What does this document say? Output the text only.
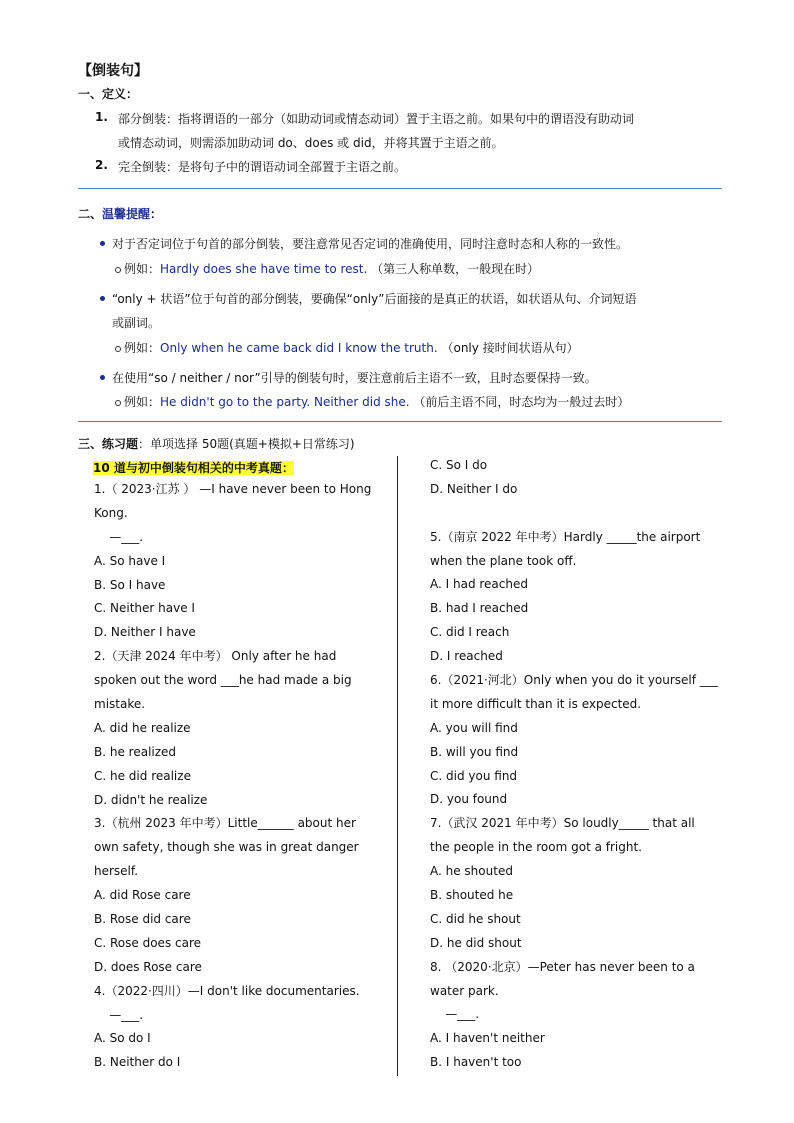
【倒装句】
一、定义：
1. 部分倒装：指将谓语的一部分（如助动词或情态动词）置于主语之前。如果句中的谓语没有助动词
或情态动词，则需添加助动词 do、does 或 did，并将其置于主语之前。
2. 完全倒装：是将句子中的谓语动词全部置于主语之前。
二、温馨提醒：
对于否定词位于句首的部分倒装，要注意常见否定词的准确使用，同时注意时态和人称的一致性。
例如：Hardly does she have time to rest. （第三人称单数，一般现在时）
“only + 状语”位于句首的部分倒装，要确保“only”后面接的是真正的状语，如状语从句、介词短语
或副词。
例如：Only when he came back did I know the truth. （only 接时间状语从句）
在使用“so / neither / nor”引导的倒装句时，要注意前后主语不一致，且时态要保持一致。
例如：He didn't go to the party. Neither did she. （前后主语不同，时态均为一般过去时）
三、练习题：单项选择 50题(真题+模拟+日常练习)
10 道与初中倒装句相关的中考真题：
1.（ 2023·江苏 ） —I have never been to Hong
Kong.
—___.
A. So have I
B. So I have
C. Neither have I
D. Neither I have
2.（天津 2024 年中考） Only after he had
spoken out the word ___he had made a big
mistake.
A. did he realize
B. he realized
C. he did realize
D. didn't he realize
3.（杭州 2023 年中考）Little______ about her
own safety, though she was in great danger
herself.
A. did Rose care
B. Rose did care
C. Rose does care
D. does Rose care
4.（2022·四川）—I don't like documentaries.
—___.
A. So do I
B. Neither do I
C. So I do
D. Neither I do
5.（南京 2022 年中考）Hardly _____the airport
when the plane took off.
A. I had reached
B. had I reached
C. did I reach
D. I reached
6.（2021·河北）Only when you do it yourself ___
it more difficult than it is expected.
A. you will find
B. will you find
C. did you find
D. you found
7.（武汉 2021 年中考）So loudly_____ that all
the people in the room got a fright.
A. he shouted
B. shouted he
C. did he shout
D. he did shout
8. （2020·北京）—Peter has never been to a
water park.
—___.
A. I haven't neither
B. I haven't too
